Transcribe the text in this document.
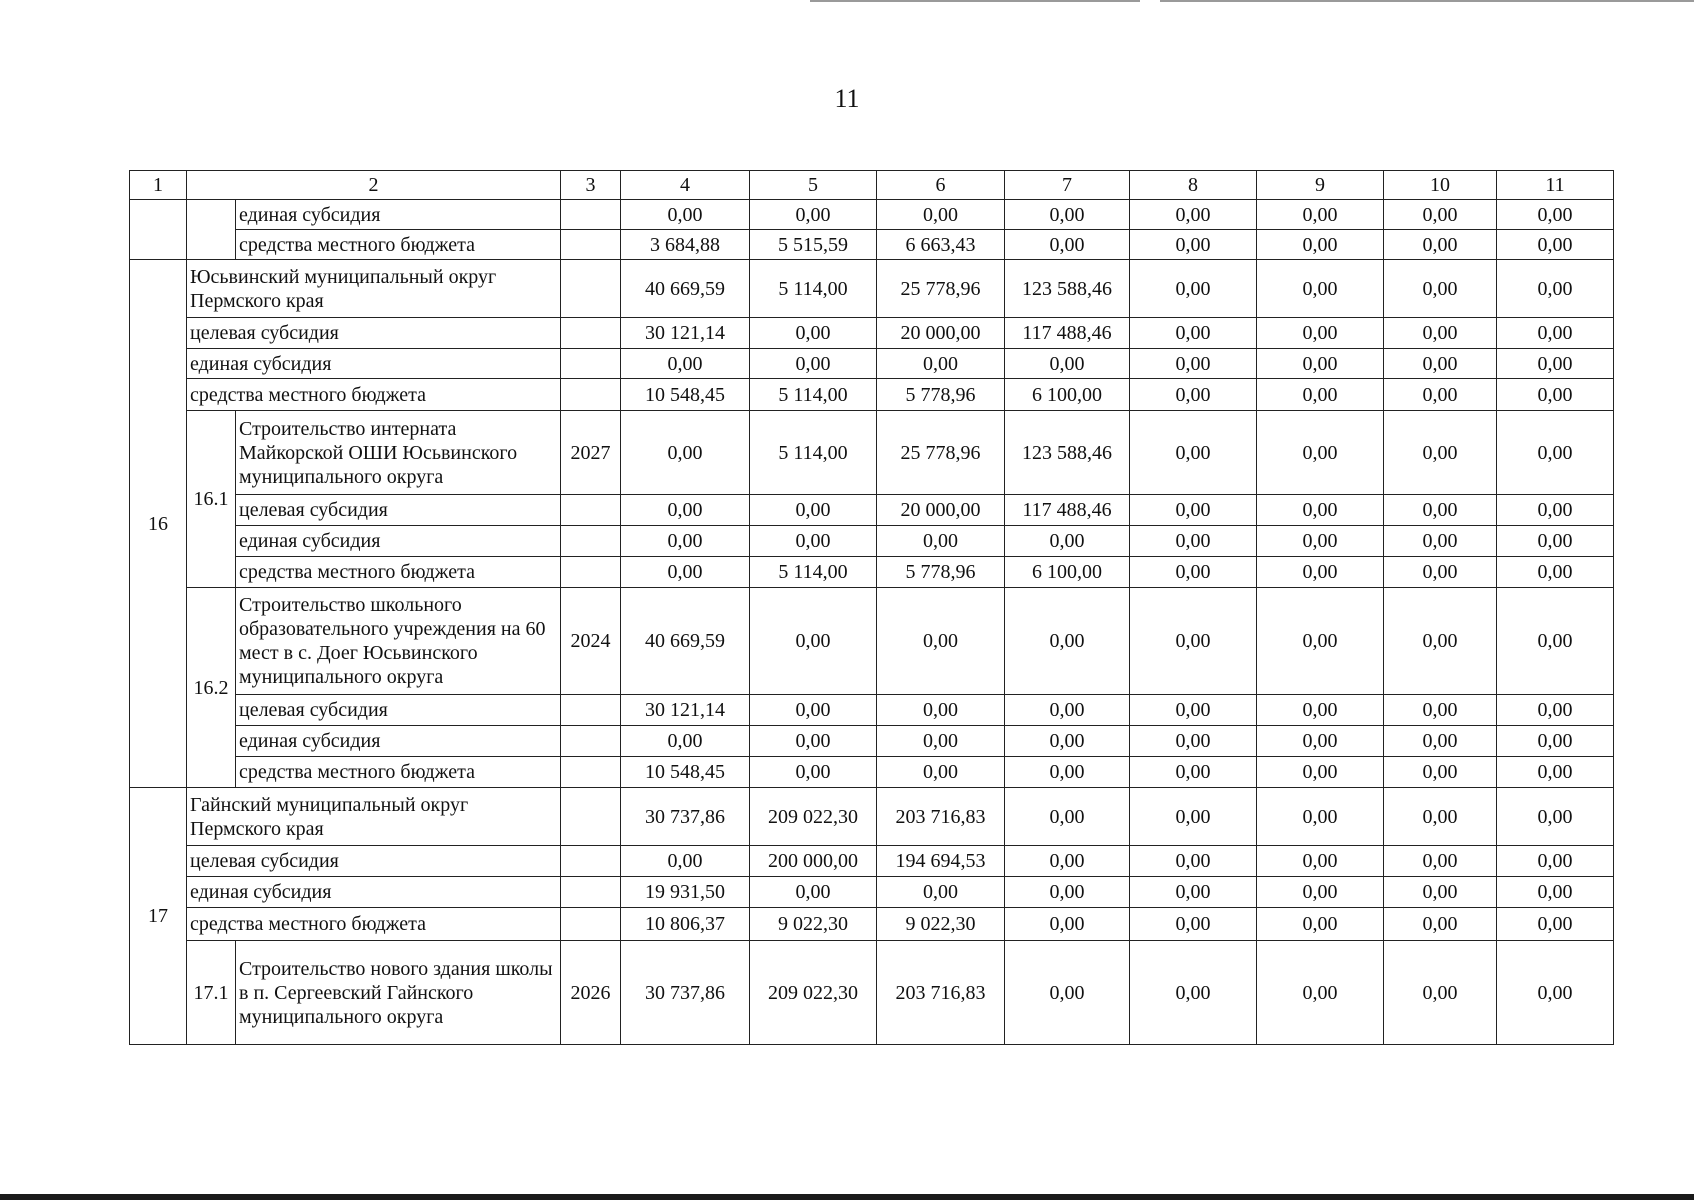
11
1	2		3	4	5	6	7	8	9	10	11
		единая субсидия		0,00	0,00	0,00	0,00	0,00	0,00	0,00	0,00
		средства местного бюджета		3 684,88	5 515,59	6 663,43	0,00	0,00	0,00	0,00	0,00
16	Юсьвинский муниципальный округ Пермского края			40 669,59	5 114,00	25 778,96	123 588,46	0,00	0,00	0,00	0,00
	целевая субсидия			30 121,14	0,00	20 000,00	117 488,46	0,00	0,00	0,00	0,00
	единая субсидия			0,00	0,00	0,00	0,00	0,00	0,00	0,00	0,00
	средства местного бюджета			10 548,45	5 114,00	5 778,96	6 100,00	0,00	0,00	0,00	0,00
	16.1	Строительство интерната Майкорской ОШИ Юсьвинского муниципального округа	2027	0,00	5 114,00	25 778,96	123 588,46	0,00	0,00	0,00	0,00
		целевая субсидия		0,00	0,00	20 000,00	117 488,46	0,00	0,00	0,00	0,00
		единая субсидия		0,00	0,00	0,00	0,00	0,00	0,00	0,00	0,00
		средства местного бюджета		0,00	5 114,00	5 778,96	6 100,00	0,00	0,00	0,00	0,00
	16.2	Строительство школьного образовательного учреждения на 60 мест в с. Доег Юсьвинского муниципального округа	2024	40 669,59	0,00	0,00	0,00	0,00	0,00	0,00	0,00
		целевая субсидия		30 121,14	0,00	0,00	0,00	0,00	0,00	0,00	0,00
		единая субсидия		0,00	0,00	0,00	0,00	0,00	0,00	0,00	0,00
		средства местного бюджета		10 548,45	0,00	0,00	0,00	0,00	0,00	0,00	0,00
17	Гайнский муниципальный округ Пермского края			30 737,86	209 022,30	203 716,83	0,00	0,00	0,00	0,00	0,00
	целевая субсидия			0,00	200 000,00	194 694,53	0,00	0,00	0,00	0,00	0,00
	единая субсидия			19 931,50	0,00	0,00	0,00	0,00	0,00	0,00	0,00
	средства местного бюджета			10 806,37	9 022,30	9 022,30	0,00	0,00	0,00	0,00	0,00
	17.1	Строительство нового здания школы в п. Сергеевский Гайнского муниципального округа	2026	30 737,86	209 022,30	203 716,83	0,00	0,00	0,00	0,00	0,00
